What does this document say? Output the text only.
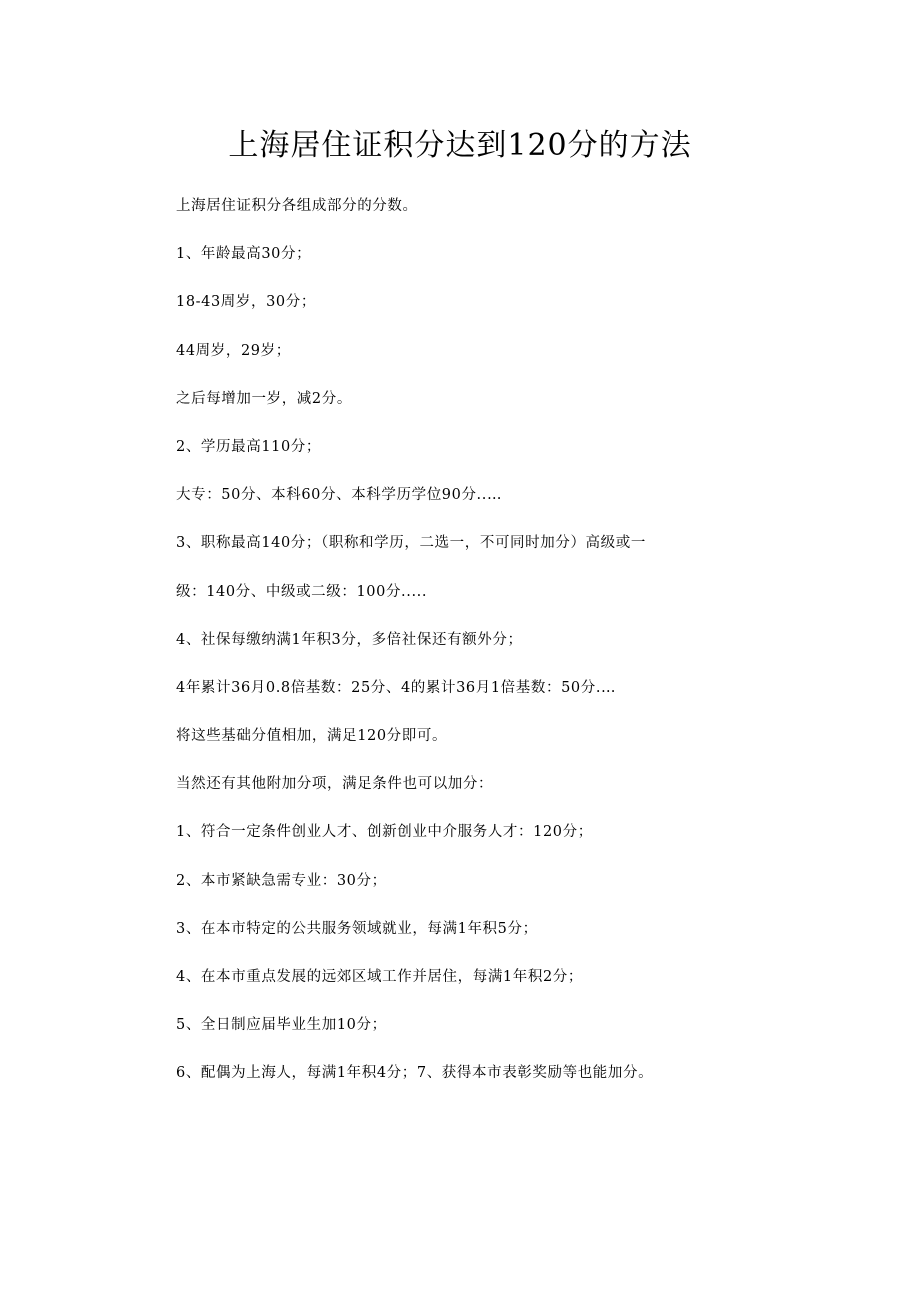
上海居住证积分达到120分的方法
上海居住证积分各组成部分的分数。
1、年龄最高30分；
18-43周岁，30分；
44周岁，29岁；
之后每增加一岁，减2分。
2、学历最高110分；
大专：50分、本科60分、本科学历学位90分..…
3、职称最高140分；（职称和学历，二选一，不可同时加分）高级或一
级：140分、中级或二级：100分.....
4、社保每缴纳满1年积3分，多倍社保还有额外分；
4年累计36月0.8倍基数：25分、4的累计36月1倍基数：50分.…
将这些基础分值相加，满足120分即可。
当然还有其他附加分项，满足条件也可以加分：
1、符合一定条件创业人才、创新创业中介服务人才：120分；
2、本市紧缺急需专业：30分；
3、在本市特定的公共服务领域就业，每满1年积5分；
4、在本市重点发展的远郊区域工作并居住，每满1年积2分；
5、全日制应届毕业生加10分；
6、配偶为上海人，每满1年积4分；7、获得本市表彰奖励等也能加分。
